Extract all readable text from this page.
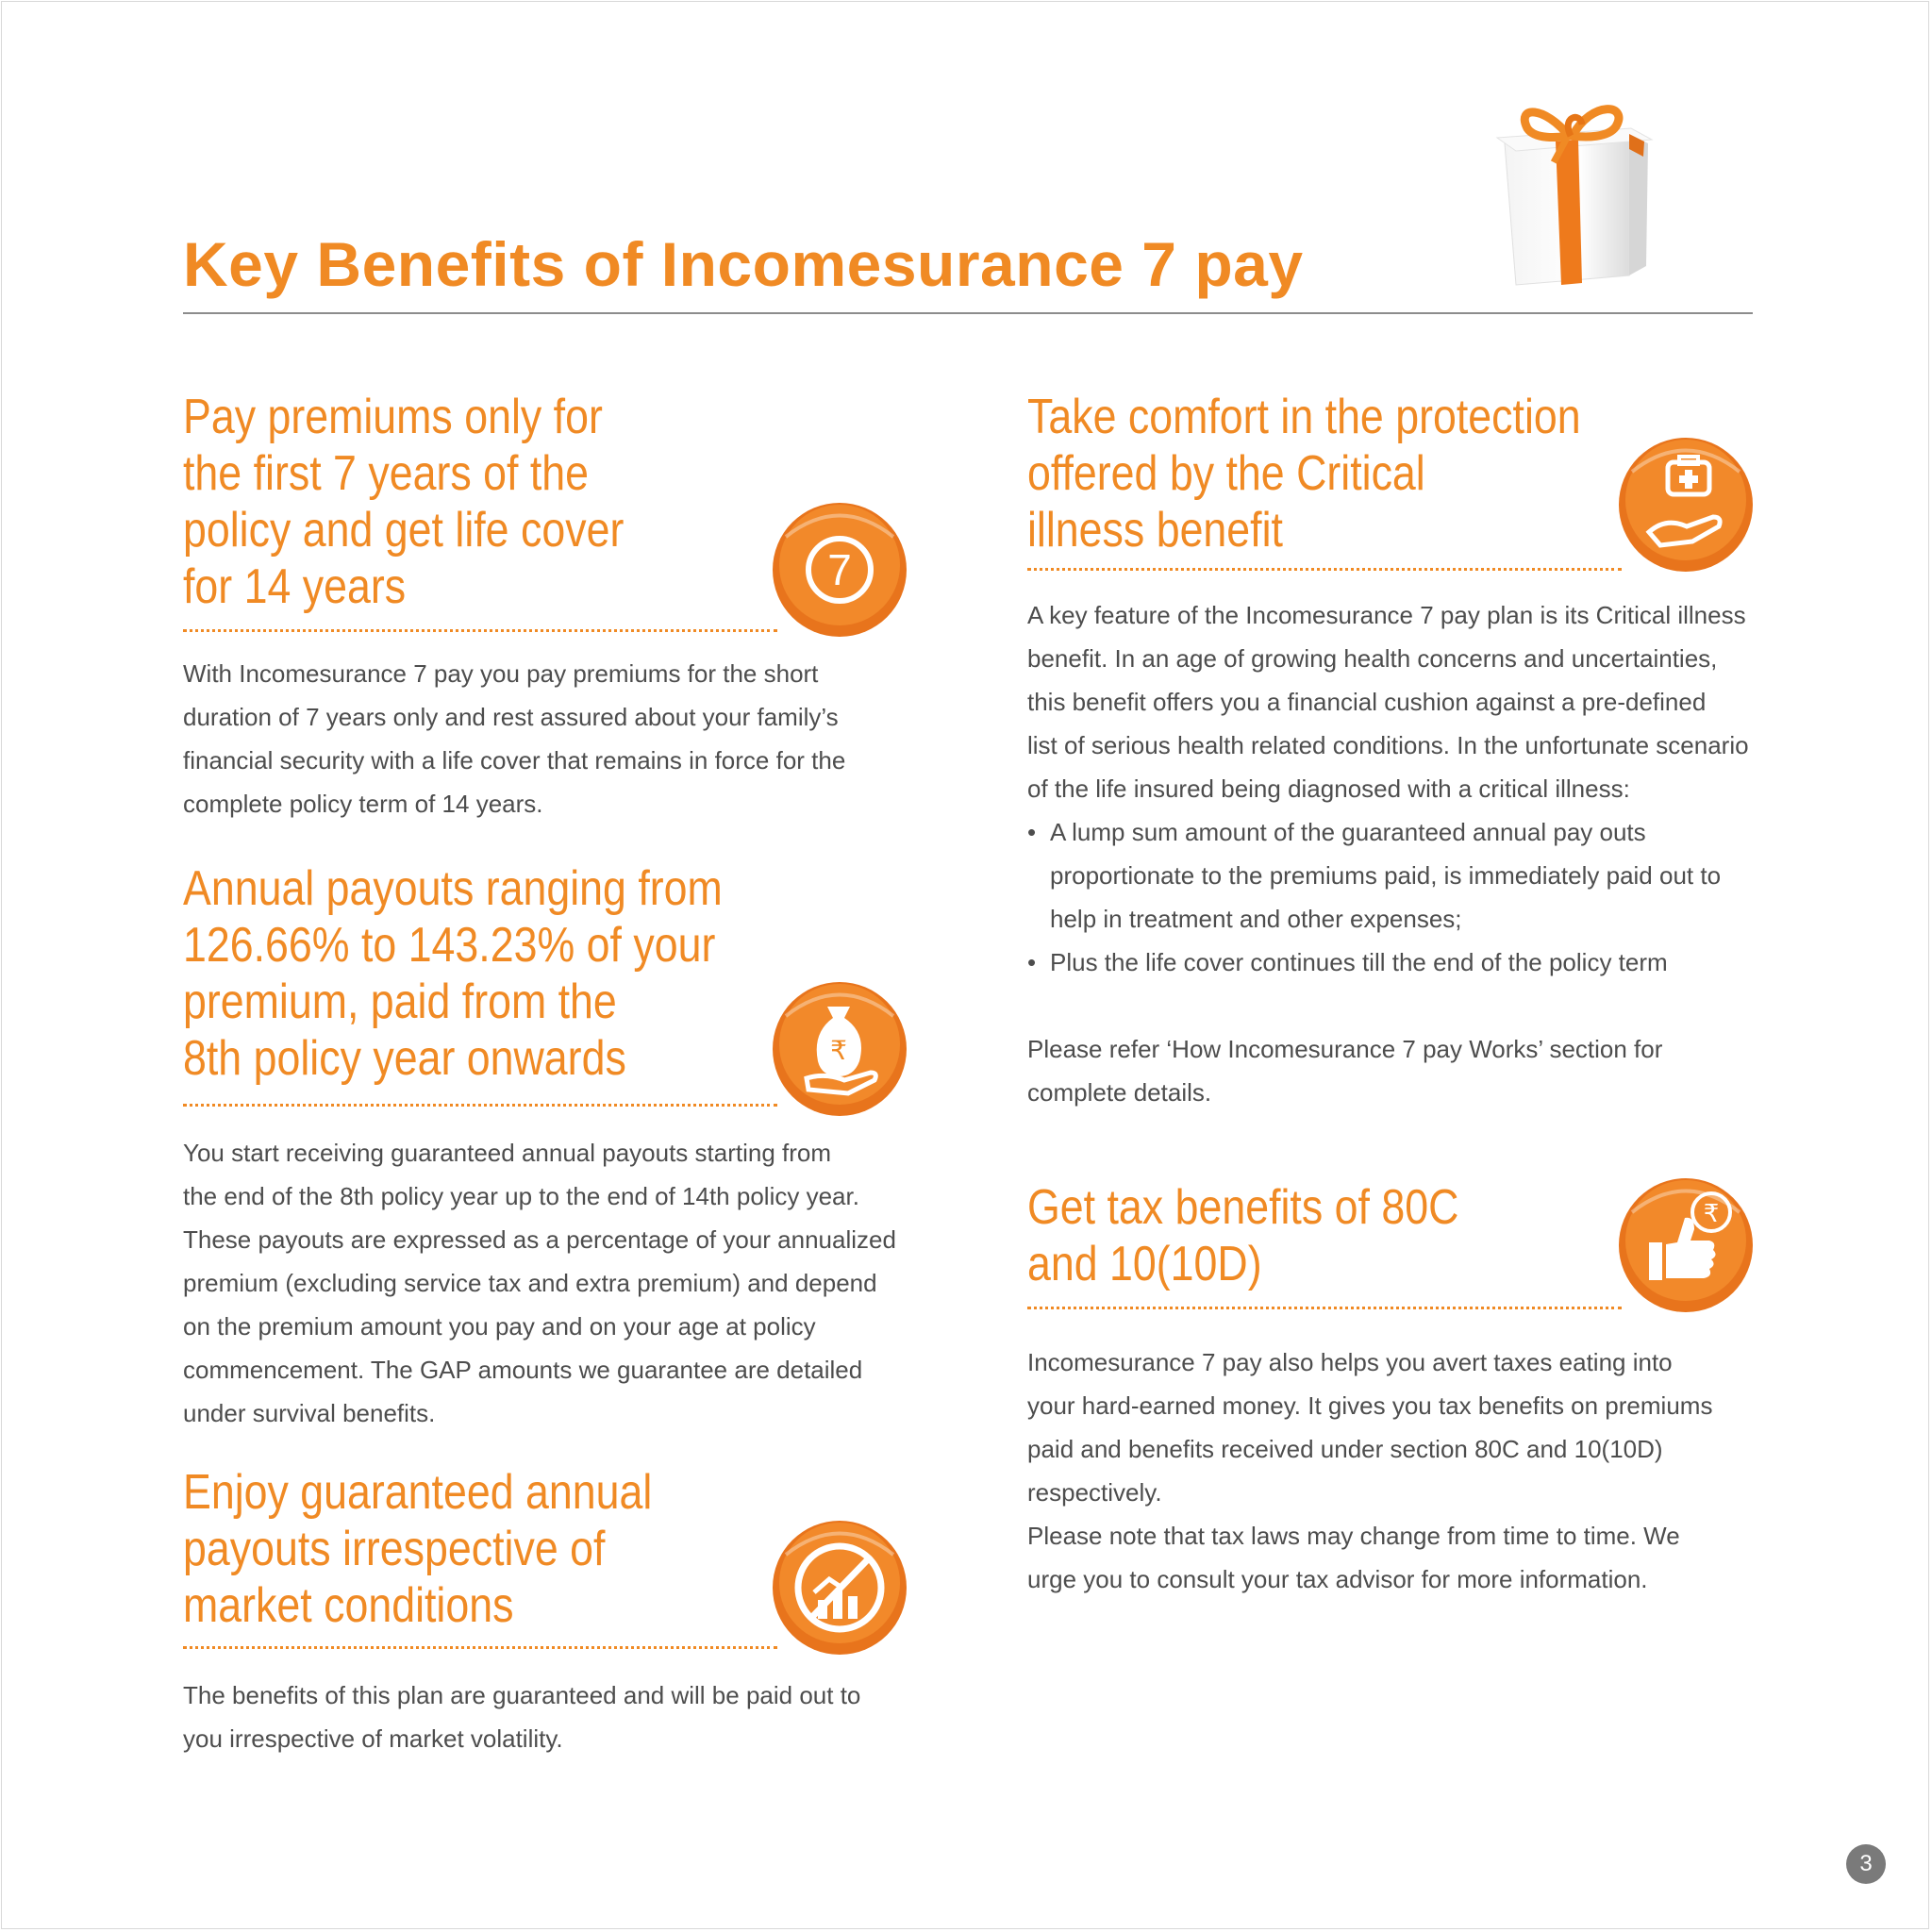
Key Benefits of Incomesurance 7 pay
Pay premiums only for
the first 7 years of the
policy and get life cover
for 14 years	7
With Incomesurance 7 pay you pay premiums for the short
duration of 7 years only and rest assured about your family’s
financial security with a life cover that remains in force for the
complete policy term of 14 years.
Annual payouts ranging from
126.66% to 143.23% of your
premium, paid from the
8th policy year onwards	₹
You start receiving guaranteed annual payouts starting from
the end of the 8th policy year up to the end of 14th policy year.
These payouts are expressed as a percentage of your annualized
premium (excluding service tax and extra premium) and depend
on the premium amount you pay and on your age at policy
commencement. The GAP amounts we guarantee are detailed
under survival benefits.
Enjoy guaranteed annual
payouts irrespective of
market conditions
The benefits of this plan are guaranteed and will be paid out to
you irrespective of market volatility.
Take comfort in the protection
offered by the Critical
illness benefit
A key feature of the Incomesurance 7 pay plan is its Critical illness
benefit. In an age of growing health concerns and uncertainties,
this benefit offers you a financial cushion against a pre-defined
list of serious health related conditions. In the unfortunate scenario
of the life insured being diagnosed with a critical illness:
• A lump sum amount of the guaranteed annual pay outs
proportionate to the premiums paid, is immediately paid out to
help in treatment and other expenses;
• Plus the life cover continues till the end of the policy term
Please refer ‘How Incomesurance 7 pay Works’ section for
complete details.
Get tax benefits of 80C
and 10(10D)
₹
Incomesurance 7 pay also helps you avert taxes eating into
your hard-earned money. It gives you tax benefits on premiums
paid and benefits received under section 80C and 10(10D)
respectively.
Please note that tax laws may change from time to time. We
urge you to consult your tax advisor for more information.
3
